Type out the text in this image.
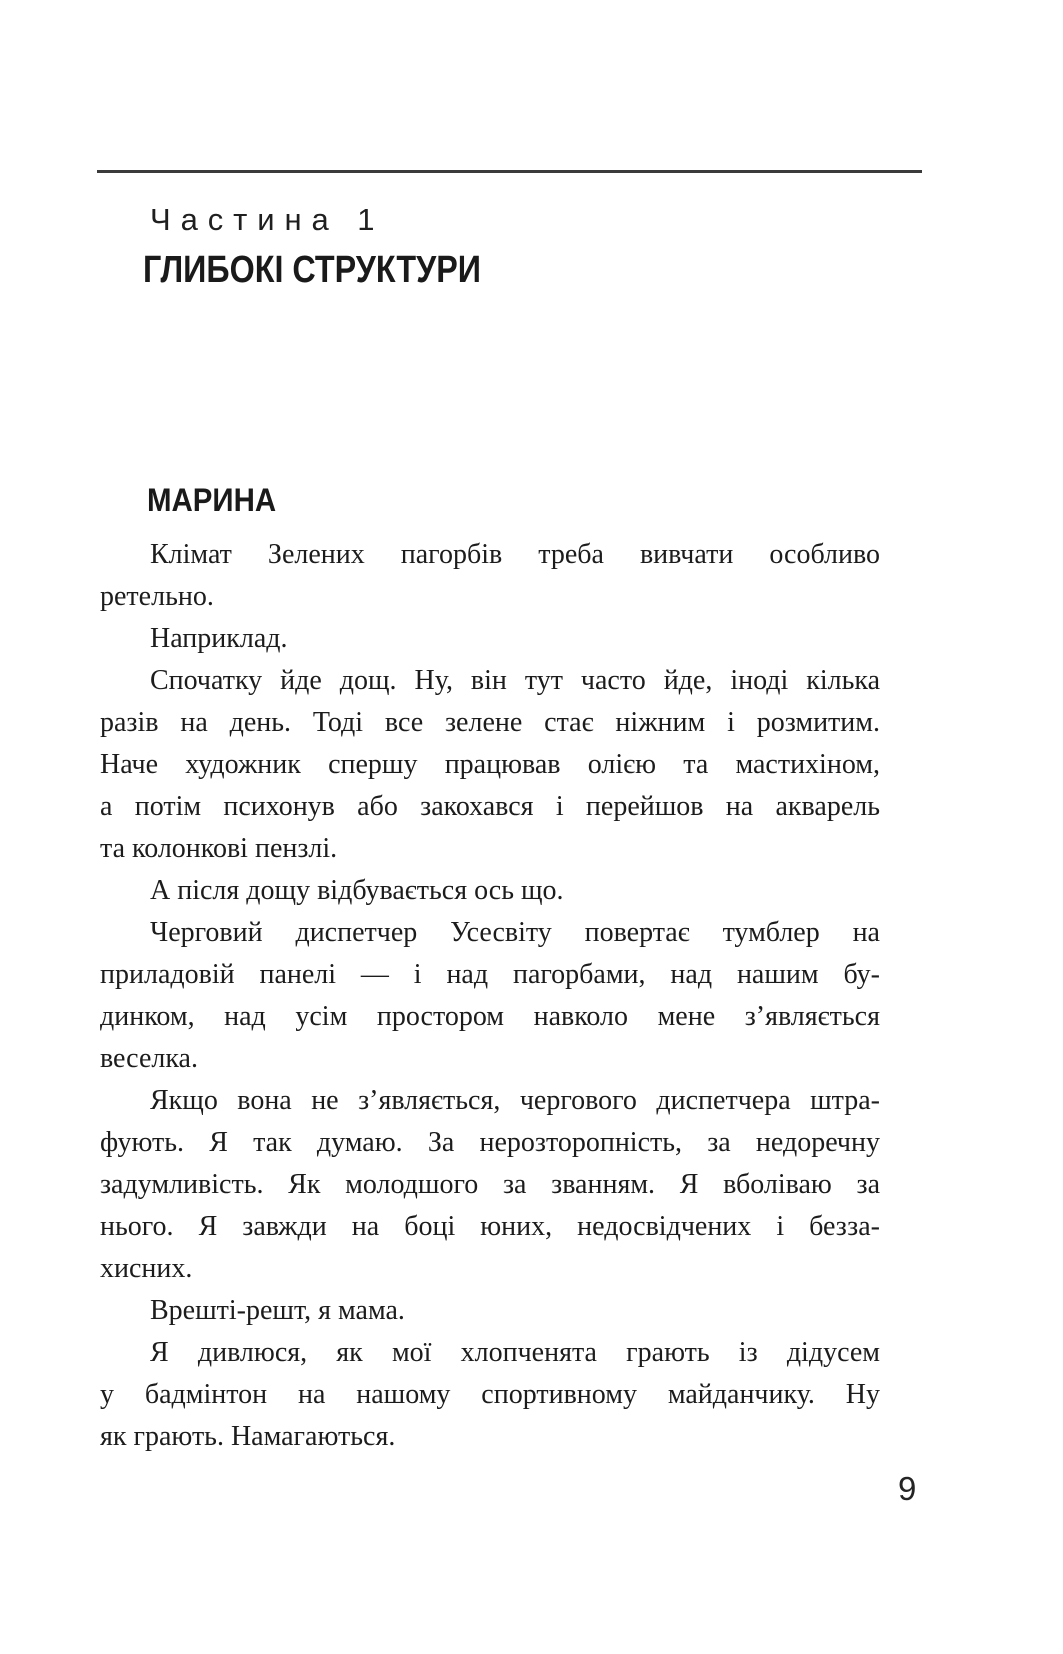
Частина 1
ГЛИБОКІ СТРУКТУРИ
МАРИНА
Клімат Зелених пагорбів треба вивчати особливо
ретельно.
Наприклад.
Спочатку йде дощ. Ну, він тут часто йде, іноді кілька
разів на день. Тоді все зелене стає ніжним і розмитим.
Наче художник спершу працював олією та мастихіном,
а потім психонув або закохався і перейшов на акварель
та колонкові пензлі.
А після дощу відбувається ось що.
Черговий диспетчер Усесвіту повертає тумблер на
приладовій панелі — і над пагорбами, над нашим бу-
динком, над усім простором навколо мене з’являється
веселка.
Якщо вона не з’являється, чергового диспетчера штра-
фують. Я так думаю. За нерозторопність, за недоречну
задумливість. Як молодшого за званням. Я вболіваю за
нього. Я завжди на боці юних, недосвідчених і безза-
хисних.
Врешті-решт, я мама.
Я дивлюся, як мої хлопченята грають із дідусем
у бадмінтон на нашому спортивному майданчику. Ну
як грають. Намагаються.
9
